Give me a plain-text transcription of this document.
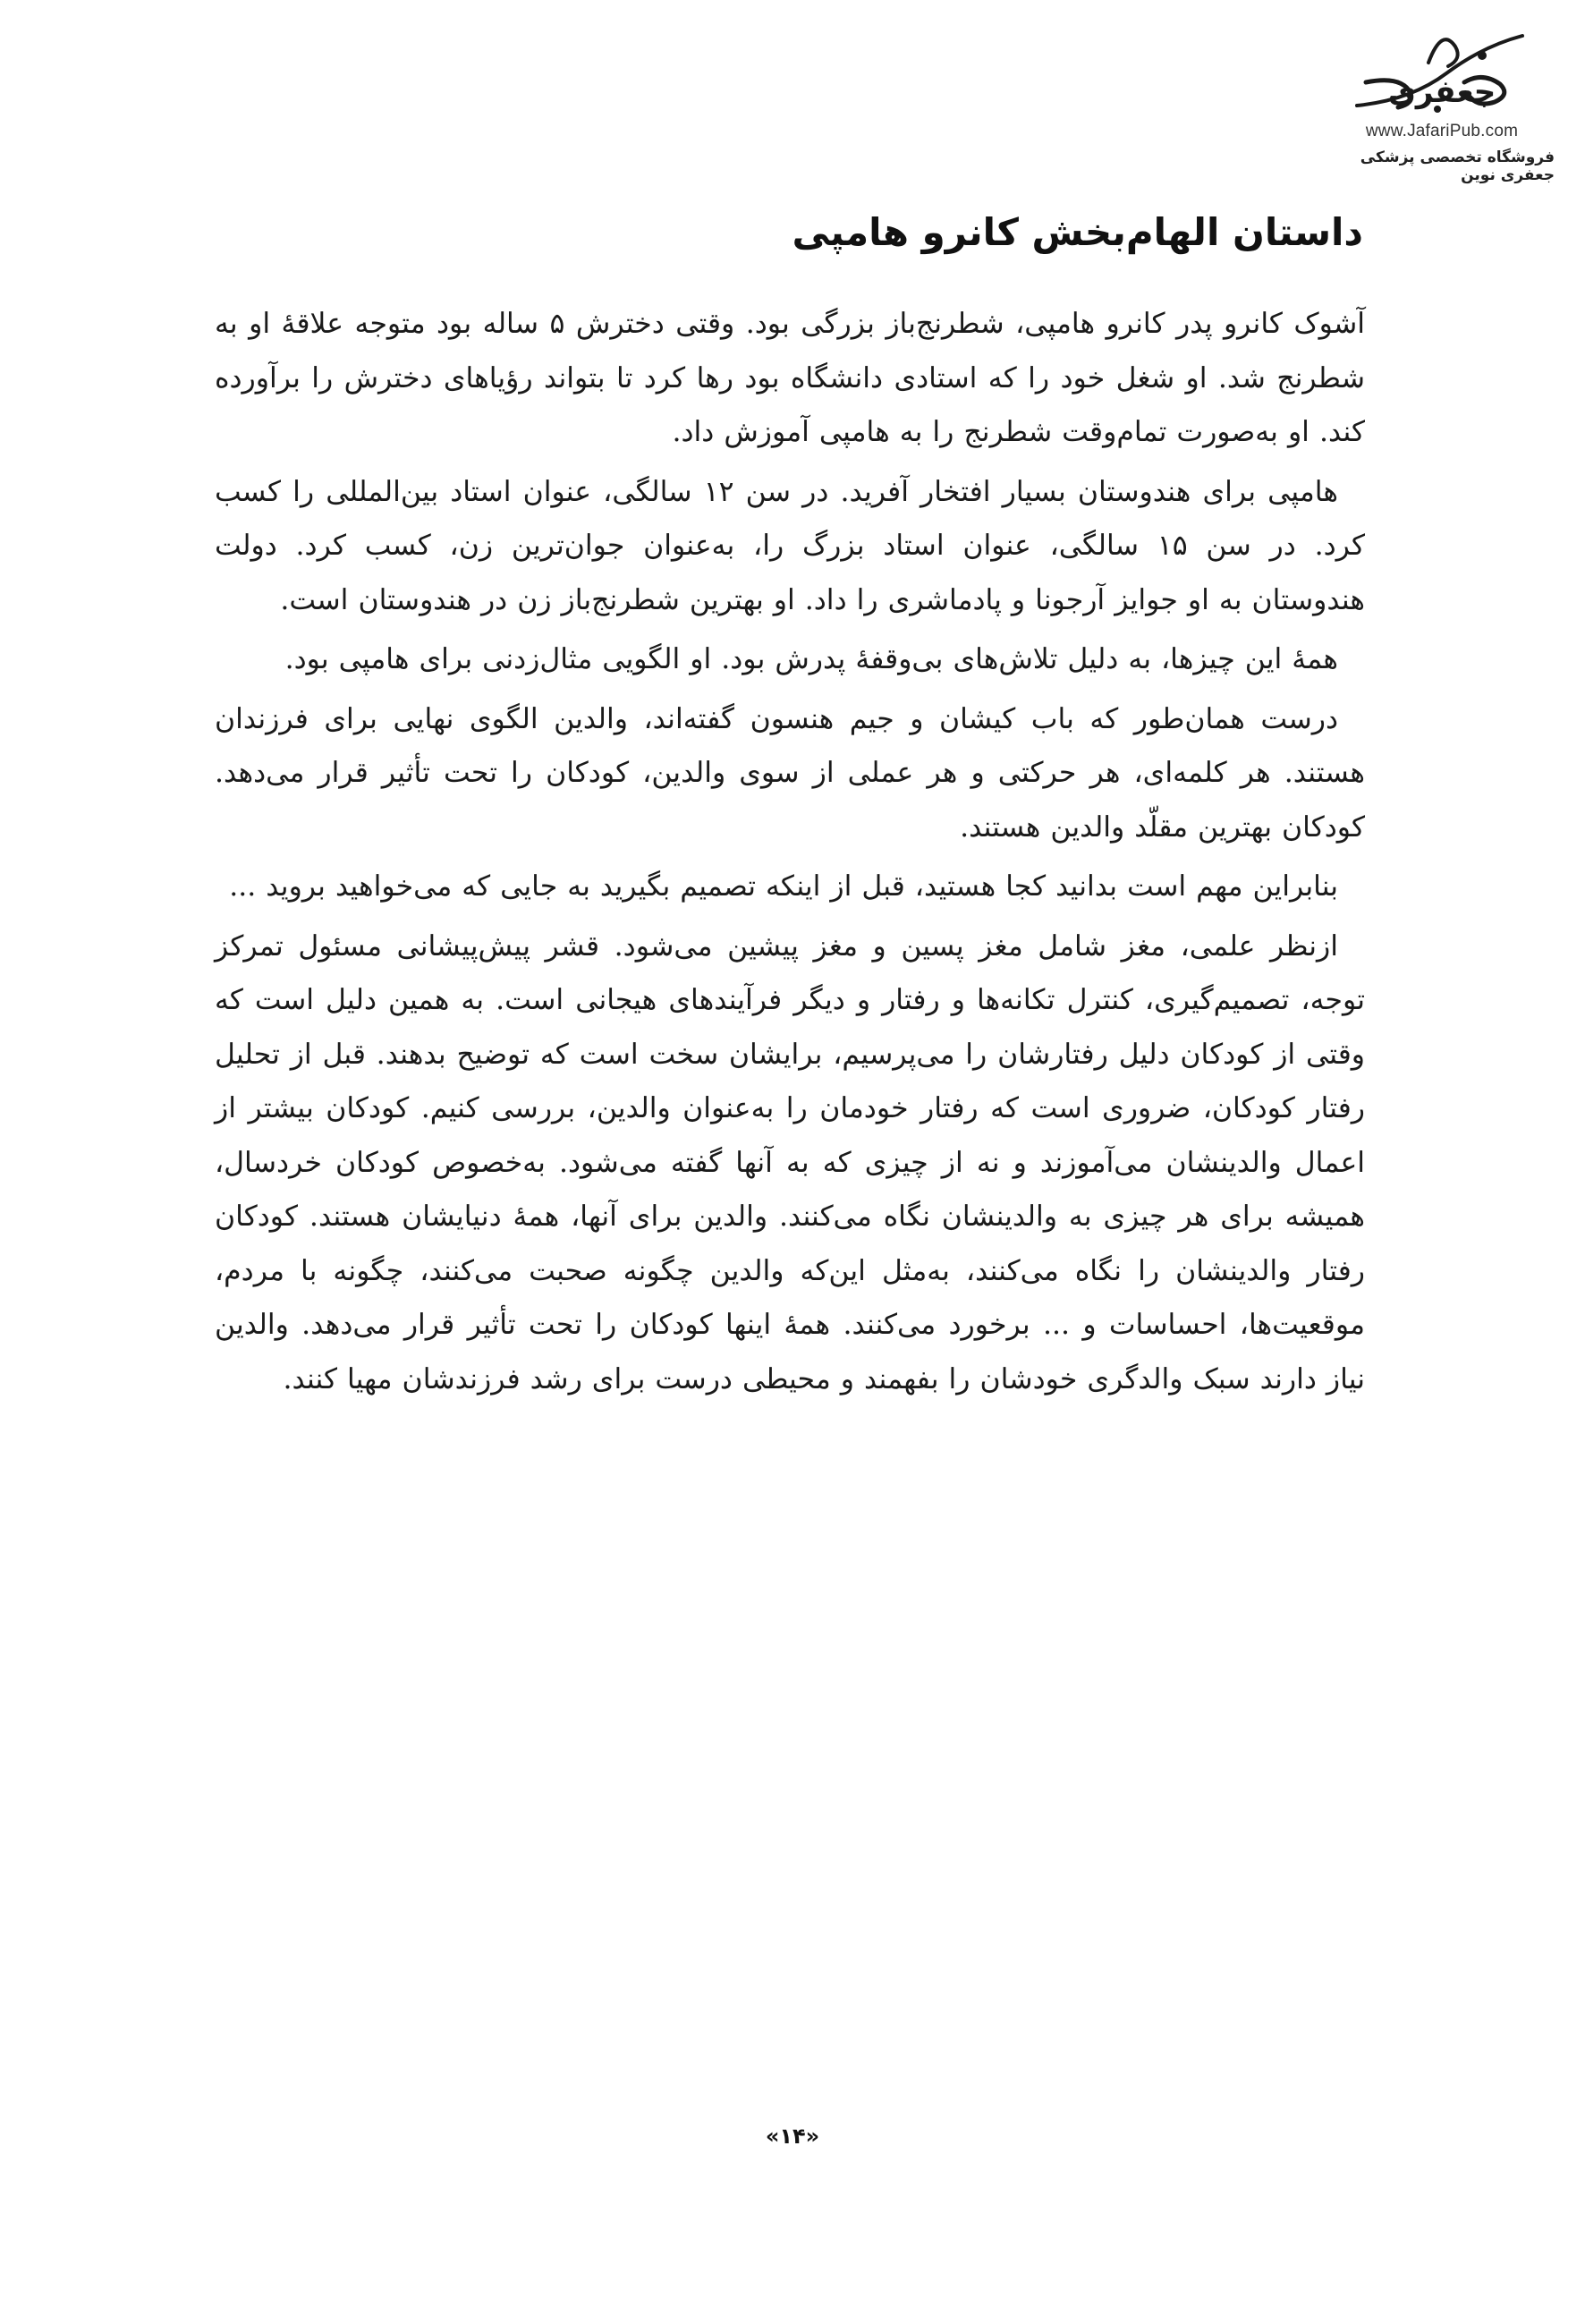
جعفری
www.JafariPub.com
فروشگاه تخصصی پزشکی جعفری نوین
داستان الهام‌بخش کانرو هامپی

آشوک کانرو پدر کانرو هامپی، شطرنج‌باز بزرگی بود. وقتی دخترش ۵ ساله بود متوجه علاقهٔ او به شطرنج شد. او شغل خود را که استادی دانشگاه بود رها کرد تا بتواند رؤیاهای دخترش را برآورده کند. او به‌صورت تمام‌وقت شطرنج را به هامپی آموزش داد.

هامپی برای هندوستان بسیار افتخار آفرید. در سن ۱۲ سالگی، عنوان استاد بین‌المللی را کسب کرد. در سن ۱۵ سالگی، عنوان استاد بزرگ را، به‌عنوان جوان‌ترین زن، کسب کرد. دولت هندوستان به او جوایز آرجونا و پادماشری را داد. او بهترین شطرنج‌باز زن در هندوستان است.

همهٔ این چیزها، به دلیل تلاش‌های بی‌وقفهٔ پدرش بود. او الگویی مثال‌زدنی برای هامپی بود.

درست همان‌طور که باب کیشان و جیم هنسون گفته‌اند، والدین الگوی نهایی برای فرزندان هستند. هر کلمه‌ای، هر حرکتی و هر عملی از سوی والدین، کودکان را تحت تأثیر قرار می‌دهد. کودکان بهترین مقلّد والدین هستند.

بنابراین مهم است بدانید کجا هستید، قبل از اینکه تصمیم بگیرید به جایی که می‌خواهید بروید ...

ازنظر علمی، مغز شامل مغز پسین و مغز پیشین می‌شود. قشر پیش‌پیشانی مسئول تمرکز توجه، تصمیم‌گیری، کنترل تکانه‌ها و رفتار و دیگر فرآیندهای هیجانی است. به همین دلیل است که وقتی از کودکان دلیل رفتارشان را می‌پرسیم، برایشان سخت است که توضیح بدهند. قبل از تحلیل رفتار کودکان، ضروری است که رفتار خودمان را به‌عنوان والدین، بررسی کنیم. کودکان بیشتر از اعمال والدینشان می‌آموزند و نه از چیزی که به آنها گفته می‌شود. به‌خصوص کودکان خردسال، همیشه برای هر چیزی به والدینشان نگاه می‌کنند. والدین برای آنها، همهٔ دنیایشان هستند. کودکان رفتار والدینشان را نگاه می‌کنند، به‌مثل این‌که والدین چگونه صحبت می‌کنند، چگونه با مردم، موقعیت‌ها، احساسات و ... برخورد می‌کنند. همهٔ اینها کودکان را تحت تأثیر قرار می‌دهد. والدین نیاز دارند سبک والدگری خودشان را بفهمند و محیطی درست برای رشد فرزندشان مهیا کنند.

«۱۴»
